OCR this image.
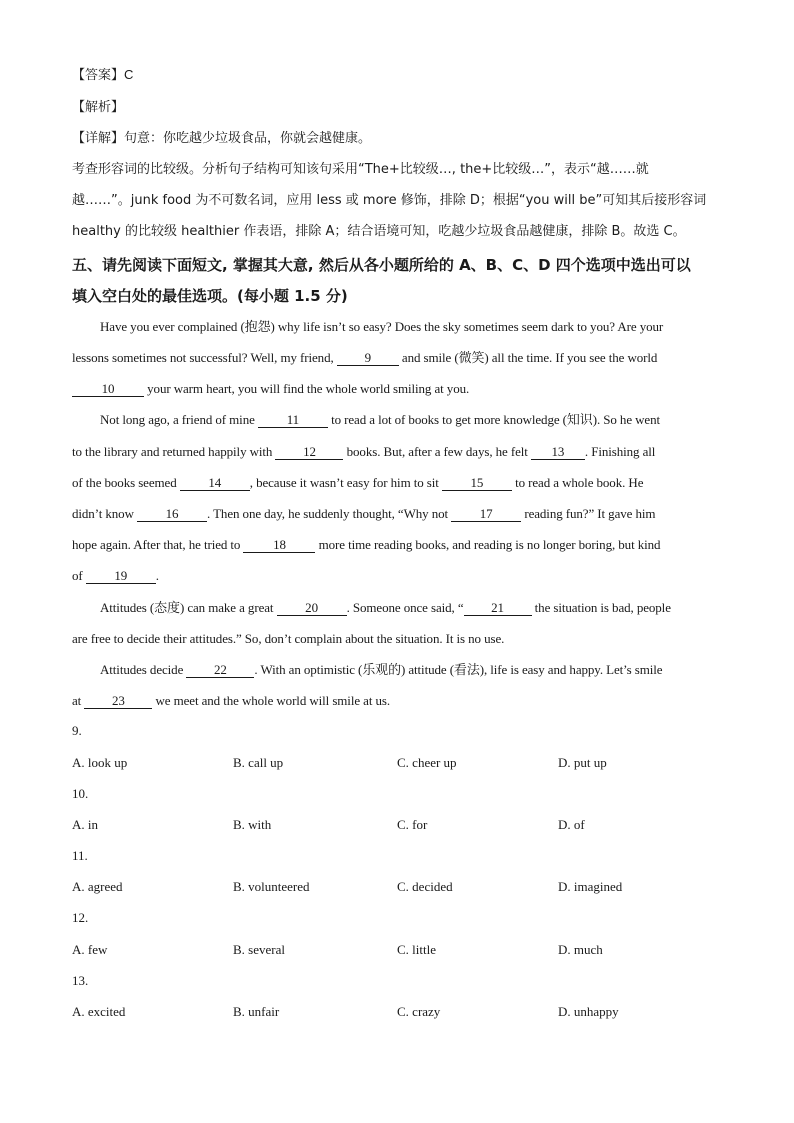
【答案】C
【解析】
【详解】句意：你吃越少垃圾食品，你就会越健康。
考查形容词的比较级。分析句子结构可知该句采用“The+比较级…, the+比较级…”，表示“越……就
越……”。junk food 为不可数名词，应用 less 或 more 修饰，排除 D；根据“you will be”可知其后接形容词
healthy 的比较级 healthier 作表语，排除 A；结合语境可知，吃越少垃圾食品越健康，排除 B。故选 C。
五、请先阅读下面短文, 掌握其大意, 然后从各小题所给的 A、B、C、D 四个选项中选出可以
填入空白处的最佳选项。(每小题 1.5 分)
Have you ever complained (抱怨) why life isn’t so easy? Does the sky sometimes seem dark to you? Are your
lessons sometimes not successful? Well, my friend, 9 and smile (微笑) all the time. If you see the world
10 your warm heart, you will find the whole world smiling at you.
Not long ago, a friend of mine 11 to read a lot of books to get more knowledge (知识). So he went
to the library and returned happily with 12 books. But, after a few days, he felt 13 . Finishing all
of the books seemed 14 , because it wasn’t easy for him to sit 15 to read a whole book. He
didn’t know 16 . Then one day, he suddenly thought, “Why not 17 reading fun?” It gave him
hope again. After that, he tried to 18 more time reading books, and reading is no longer boring, but kind
of 19 .
Attitudes (态度) can make a great 20 . Someone once said, “ 21 the situation is bad, people
are free to decide their attitudes.” So, don’t complain about the situation. It is no use.
Attitudes decide 22 . With an optimistic (乐观的) attitude (看法), life is easy and happy. Let’s smile
at 23 we meet and the whole world will smile at us.
9.
A. look up	B. call up	C. cheer up	D. put up
10.
A. in	B. with	C. for	D. of
11.
A. agreed	B. volunteered	C. decided	D. imagined
12.
A. few	B. several	C. little	D. much
13.
A. excited	B. unfair	C. crazy	D. unhappy
